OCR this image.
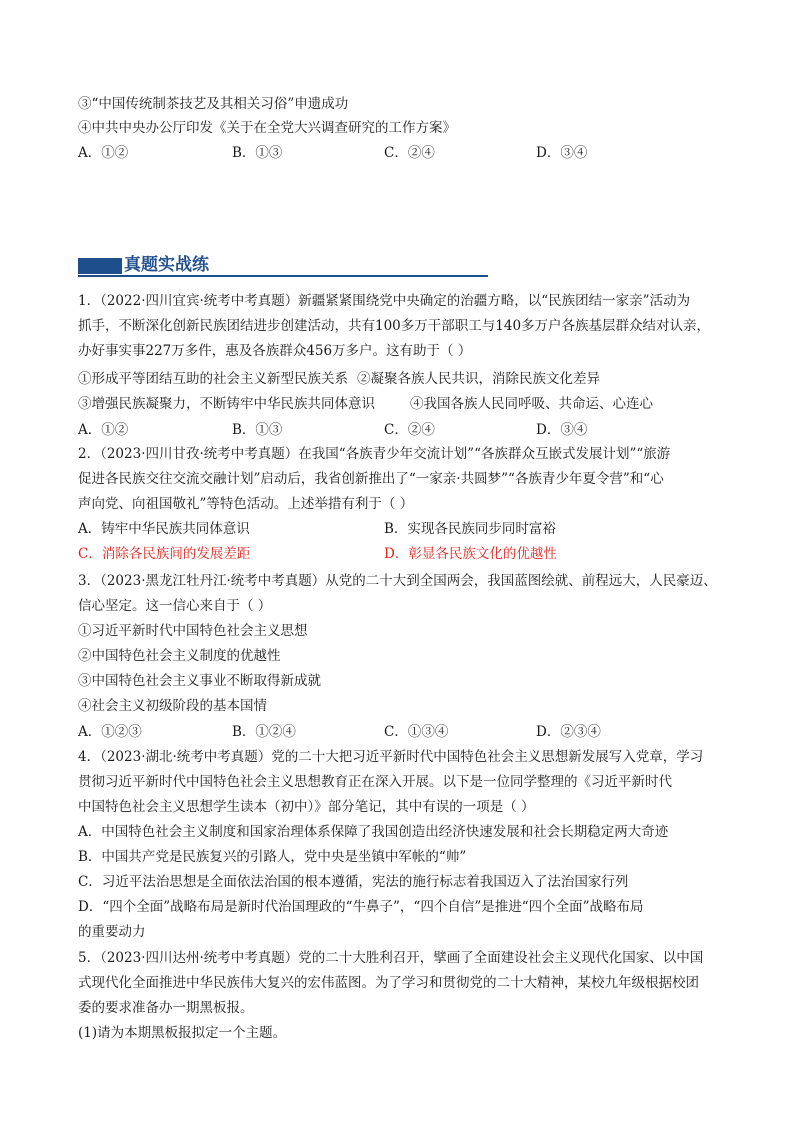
③“中国传统制茶技艺及其相关习俗”申遗成功
④中共中央办公厅印发《关于在全党大兴调查研究的工作方案》
A．①②	B．①③	C．②④	D．③④
真题实战练
1．（2022·四川宜宾·统考中考真题）新疆紧紧围绕党中央确定的治疆方略，以“民族团结一家亲”活动为
抓手，不断深化创新民族团结进步创建活动，共有100多万干部职工与140多万户各族基层群众结对认亲，
办好事实事227万多件，惠及各族群众456万多户。这有助于（ ）
①形成平等团结互助的社会主义新型民族关系 ②凝聚各族人民共识，消除民族文化差异
③增强民族凝聚力，不断铸牢中华民族共同体意识	④我国各族人民同呼吸、共命运、心连心
A．①②	B．①③	C．②④	D．③④
2．（2023·四川甘孜·统考中考真题）在我国“各族青少年交流计划”“各族群众互嵌式发展计划”“旅游
促进各民族交往交流交融计划”启动后，我省创新推出了“一家亲·共圆梦”“各族青少年夏令营”和“心
声向党、向祖国敬礼”等特色活动。上述举措有利于（ ）
A．铸牢中华民族共同体意识	B．实现各民族同步同时富裕
C．消除各民族间的发展差距	D．彰显各民族文化的优越性
3．（2023·黑龙江牡丹江·统考中考真题）从党的二十大到全国两会，我国蓝图绘就、前程远大，人民豪迈、
信心坚定。这一信心来自于（ ）
①习近平新时代中国特色社会主义思想
②中国特色社会主义制度的优越性
③中国特色社会主义事业不断取得新成就
④社会主义初级阶段的基本国情
A．①②③	B．①②④	C．①③④	D．②③④
4．（2023·湖北·统考中考真题）党的二十大把习近平新时代中国特色社会主义思想新发展写入党章，学习
贯彻习近平新时代中国特色社会主义思想教育正在深入开展。以下是一位同学整理的《习近平新时代
中国特色社会主义思想学生读本（初中）》部分笔记，其中有误的一项是（ ）
A．中国特色社会主义制度和国家治理体系保障了我国创造出经济快速发展和社会长期稳定两大奇迹
B．中国共产党是民族复兴的引路人，党中央是坐镇中军帐的“帅”
C．习近平法治思想是全面依法治国的根本遵循，宪法的施行标志着我国迈入了法治国家行列
D．“四个全面”战略布局是新时代治国理政的“牛鼻子”，“四个自信”是推进“四个全面”战略布局
的重要动力
5．（2023·四川达州·统考中考真题）党的二十大胜利召开，擘画了全面建设社会主义现代化国家、以中国
式现代化全面推进中华民族伟大复兴的宏伟蓝图。为了学习和贯彻党的二十大精神，某校九年级根据校团
委的要求准备办一期黑板报。
(1)请为本期黑板报拟定一个主题。
